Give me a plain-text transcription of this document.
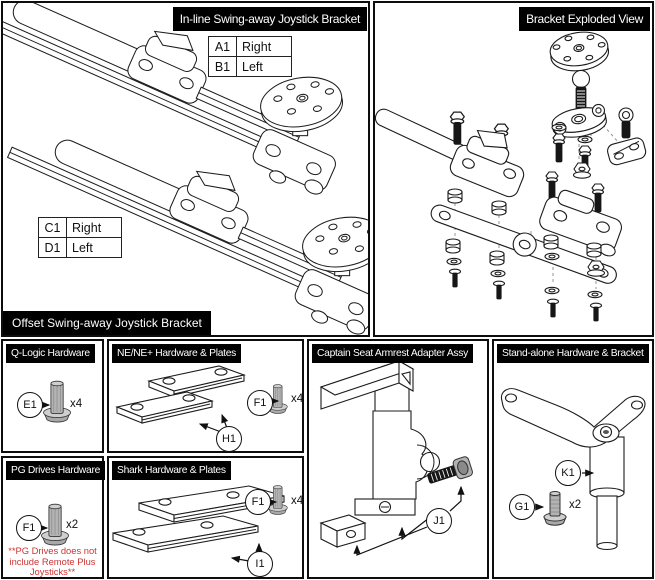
In-line Swing-away Joystick Bracket
A1	Right
B1	Left
C1	Right
D1	Left
Offset Swing-away Joystick Bracket
Bracket Exploded View
Q-Logic Hardware
E1	x4
NE/NE+ Hardware & Plates
F1
H1
x4
PG Drives Hardware
F1	x2
**PG Drives does not include Remote Plus Joysticks**
Shark Hardware & Plates
F1
I1
x4
Captain Seat Armrest Adapter Assy
J1
Stand-alone Hardware & Bracket
K1
G1	x2
